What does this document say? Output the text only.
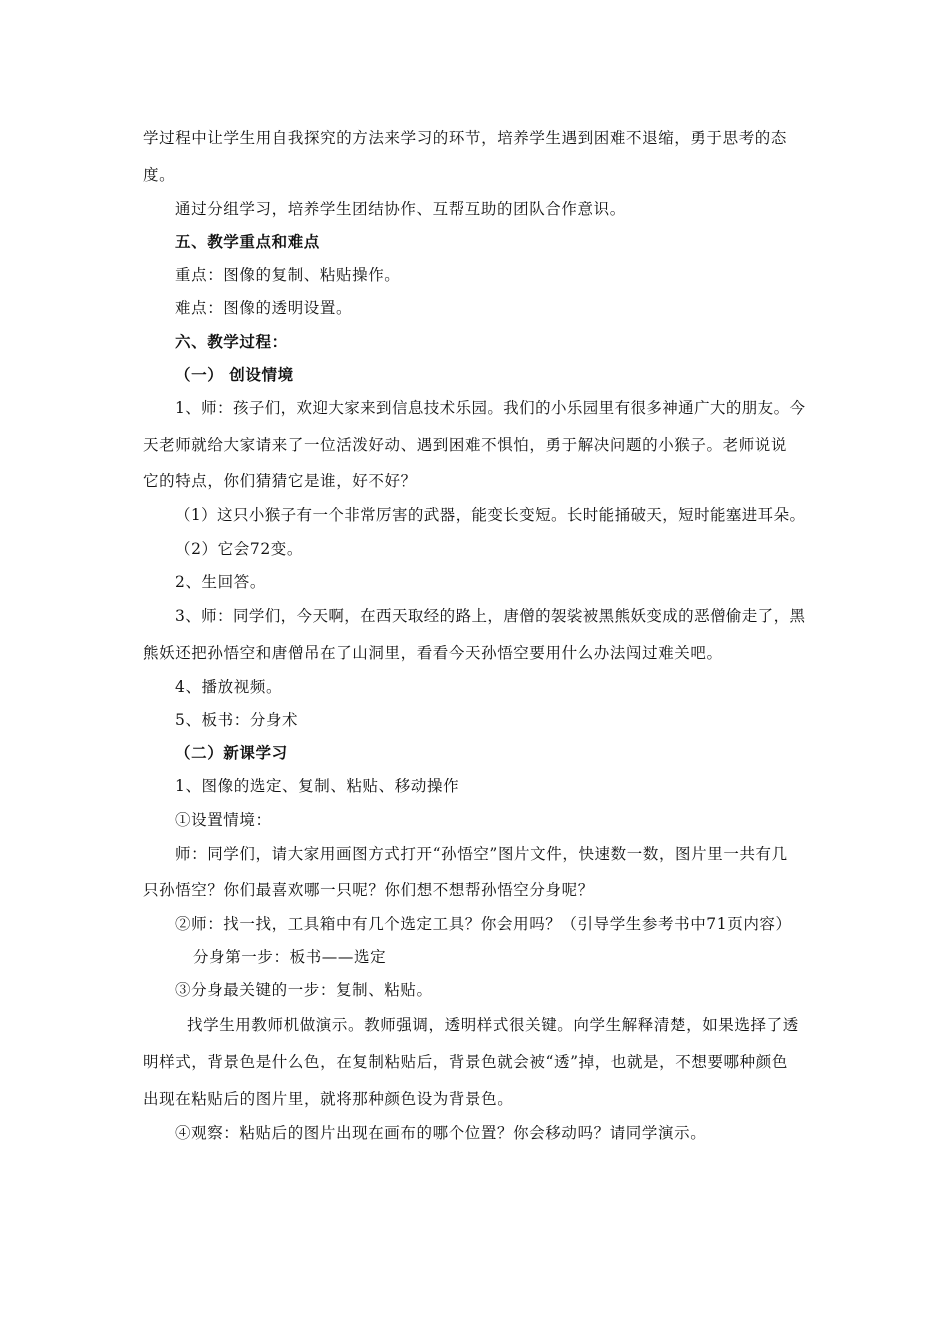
学过程中让学生用自我探究的方法来学习的环节，培养学生遇到困难不退缩，勇于思考的态
度。
通过分组学习，培养学生团结协作、互帮互助的团队合作意识。
五、教学重点和难点
重点：图像的复制、粘贴操作。
难点：图像的透明设置。
六、教学过程：
（一） 创设情境
1、师：孩子们，欢迎大家来到信息技术乐园。我们的小乐园里有很多神通广大的朋友。今
天老师就给大家请来了一位活泼好动、遇到困难不惧怕，勇于解决问题的小猴子。老师说说
它的特点，你们猜猜它是谁，好不好？
（1）这只小猴子有一个非常厉害的武器，能变长变短。长时能捅破天，短时能塞进耳朵。
（2）它会72变。
2、生回答。
3、师：同学们，今天啊，在西天取经的路上，唐僧的袈裟被黑熊妖变成的恶僧偷走了，黑
熊妖还把孙悟空和唐僧吊在了山洞里，看看今天孙悟空要用什么办法闯过难关吧。
4、播放视频。
5、板书：分身术
（二）新课学习
1、图像的选定、复制、粘贴、移动操作
①设置情境：
师：同学们，请大家用画图方式打开“孙悟空”图片文件，快速数一数，图片里一共有几
只孙悟空？你们最喜欢哪一只呢？你们想不想帮孙悟空分身呢？
②师：找一找，工具箱中有几个选定工具？你会用吗？（引导学生参考书中71页内容）
分身第一步：板书——选定
③分身最关键的一步：复制、粘贴。
找学生用教师机做演示。教师强调，透明样式很关键。向学生解释清楚，如果选择了透
明样式，背景色是什么色，在复制粘贴后，背景色就会被“透”掉，也就是，不想要哪种颜色
出现在粘贴后的图片里，就将那种颜色设为背景色。
④观察：粘贴后的图片出现在画布的哪个位置？你会移动吗？请同学演示。
